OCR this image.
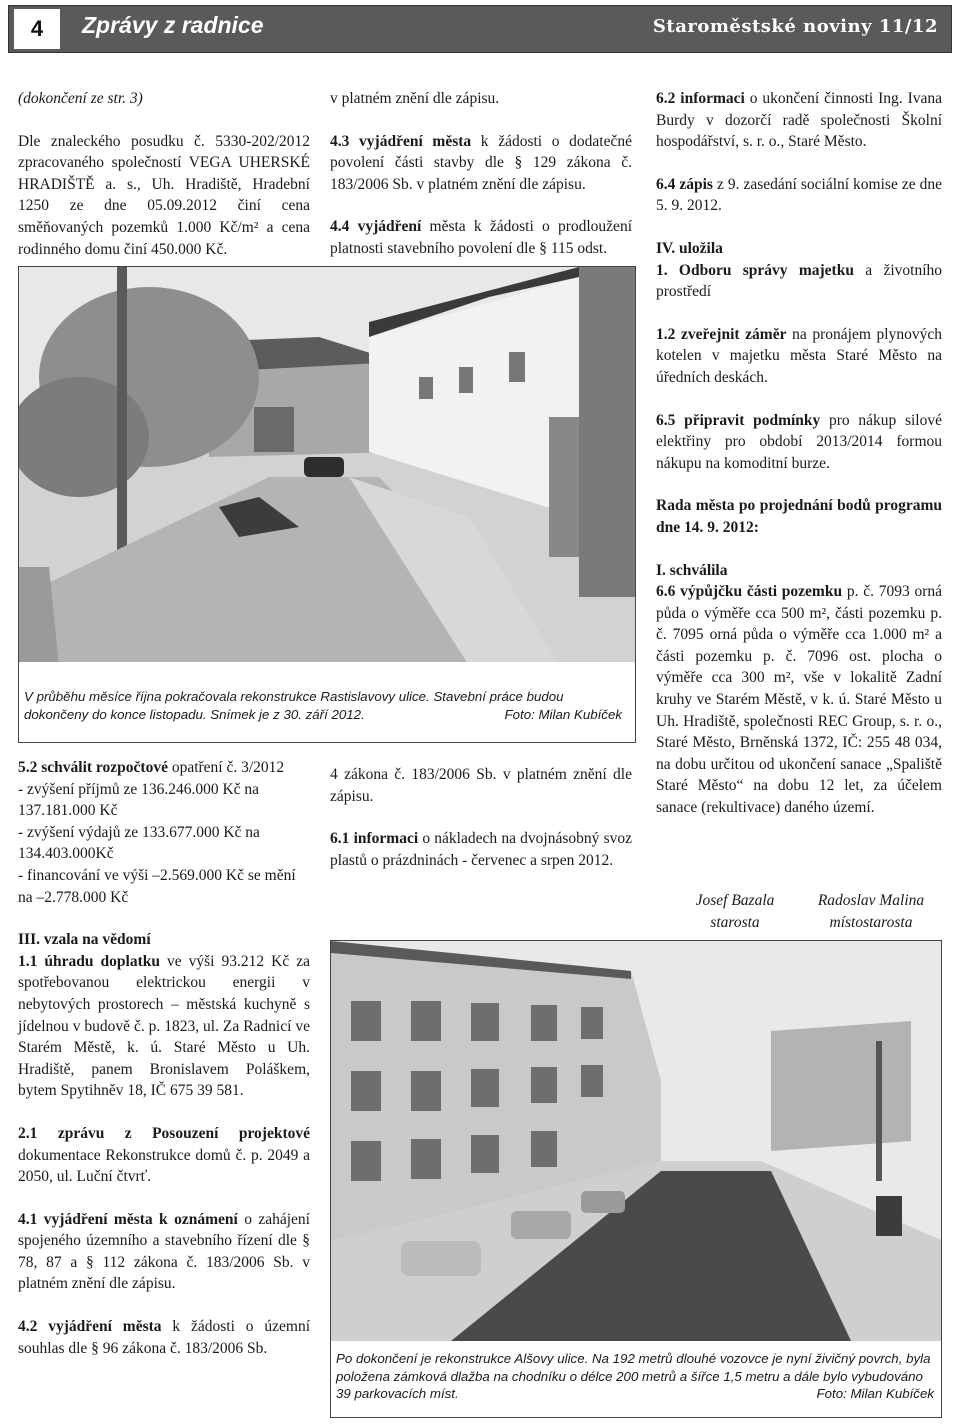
4	Zprávy z radnice	Staroměstské noviny 11/12

(dokončení ze str. 3)

Dle znaleckého posudku č. 5330-202/2012 zpracovaného společností VEGA UHERSKÉ HRADIŠTĚ a. s., Uh. Hradiště, Hradební 1250 ze dne 05.09.2012 činí cena směňovaných pozemků 1.000 Kč/m² a cena rodinného domu činí 450.000 Kč.

v platném znění dle zápisu.

4.3 vyjádření města k žádosti o dodatečné povolení části stavby dle § 129 zákona č. 183/2006 Sb. v platném znění dle zápisu.

4.4 vyjádření města k žádosti o prodloužení platnosti stavebního povolení dle § 115 odst.

6.2 informaci o ukončení činnosti Ing. Ivana Burdy v dozorčí radě společnosti Školní hospodářství, s. r. o., Staré Město.

6.4 zápis z 9. zasedání sociální komise ze dne 5. 9. 2012.

IV. uložila

1. Odboru správy majetku a životního prostředí

1.2 zveřejnit záměr na pronájem plynových kotelen v majetku města Staré Město na úředních deskách.

6.5 připravit podmínky pro nákup silové elektřiny pro období 2013/2014 formou nákupu na komoditní burze.

Rada města po projednání bodů programu dne 14. 9. 2012:

I. schválila

6.6 výpůjčku části pozemku p. č. 7093 orná půda o výměře cca 500 m², části pozemku p. č. 7095 orná půda o výměře cca 1.000 m² a části pozemku p. č. 7096 ost. plocha o výměře cca 300 m², vše v lokalitě Zadní kruhy ve Starém Městě, v k. ú. Staré Město u Uh. Hradiště, společnosti REC Group, s. r. o., Staré Město, Brněnská 1372, IČ: 255 48 034, na dobu určitou od ukončení sanace „Spaliště Staré Město“ na dobu 12 let, za účelem sanace (rekultivace) daného území.

Josef Bazala
starosta
Radoslav Malina
místostarosta
V průběhu měsíce října pokračovala rekonstrukce Rastislavovy ulice. Stavební práce budou dokončeny do konce listopadu. Snímek je z 30. září 2012.	Foto: Milan Kubíček

5.2 schválit rozpočtové opatření č. 3/2012

- zvýšení příjmů ze 136.246.000 Kč na 137.181.000 Kč

- zvýšení výdajů ze 133.677.000 Kč na 134.403.000Kč

- financování ve výši –2.569.000 Kč se mění na –2.778.000 Kč

III. vzala na vědomí

1.1 úhradu doplatku ve výši 93.212 Kč za spotřebovanou elektrickou energii v nebytových prostorech – městská kuchyně s jídelnou v budově č. p. 1823, ul. Za Radnicí ve Starém Městě, k. ú. Staré Město u Uh. Hradiště, panem Bronislavem Poláškem, bytem Spytihněv 18, IČ 675 39 581.

2.1 zprávu z Posouzení projektové dokumentace Rekonstrukce domů č. p. 2049 a 2050, ul. Luční čtvrť.

4.1 vyjádření města k oznámení o zahájení spojeného územního a stavebního řízení dle § 78, 87 a § 112 zákona č. 183/2006 Sb. v platném znění dle zápisu.

4.2 vyjádření města k žádosti o územní souhlas dle § 96 zákona č. 183/2006 Sb.

4 zákona č. 183/2006 Sb. v platném znění dle zápisu.

6.1 informaci o nákladech na dvojnásobný svoz plastů o prázdninách - červenec a srpen 2012.

Po dokončení je rekonstrukce Alšovy ulice. Na 192 metrů dlouhé vozovce je nyní živičný povrch, byla položena zámková dlažba na chodníku o délce 200 metrů a šířce 1,5 metru a dále bylo vybudováno 39 parkovacích míst.	Foto: Milan Kubíček
